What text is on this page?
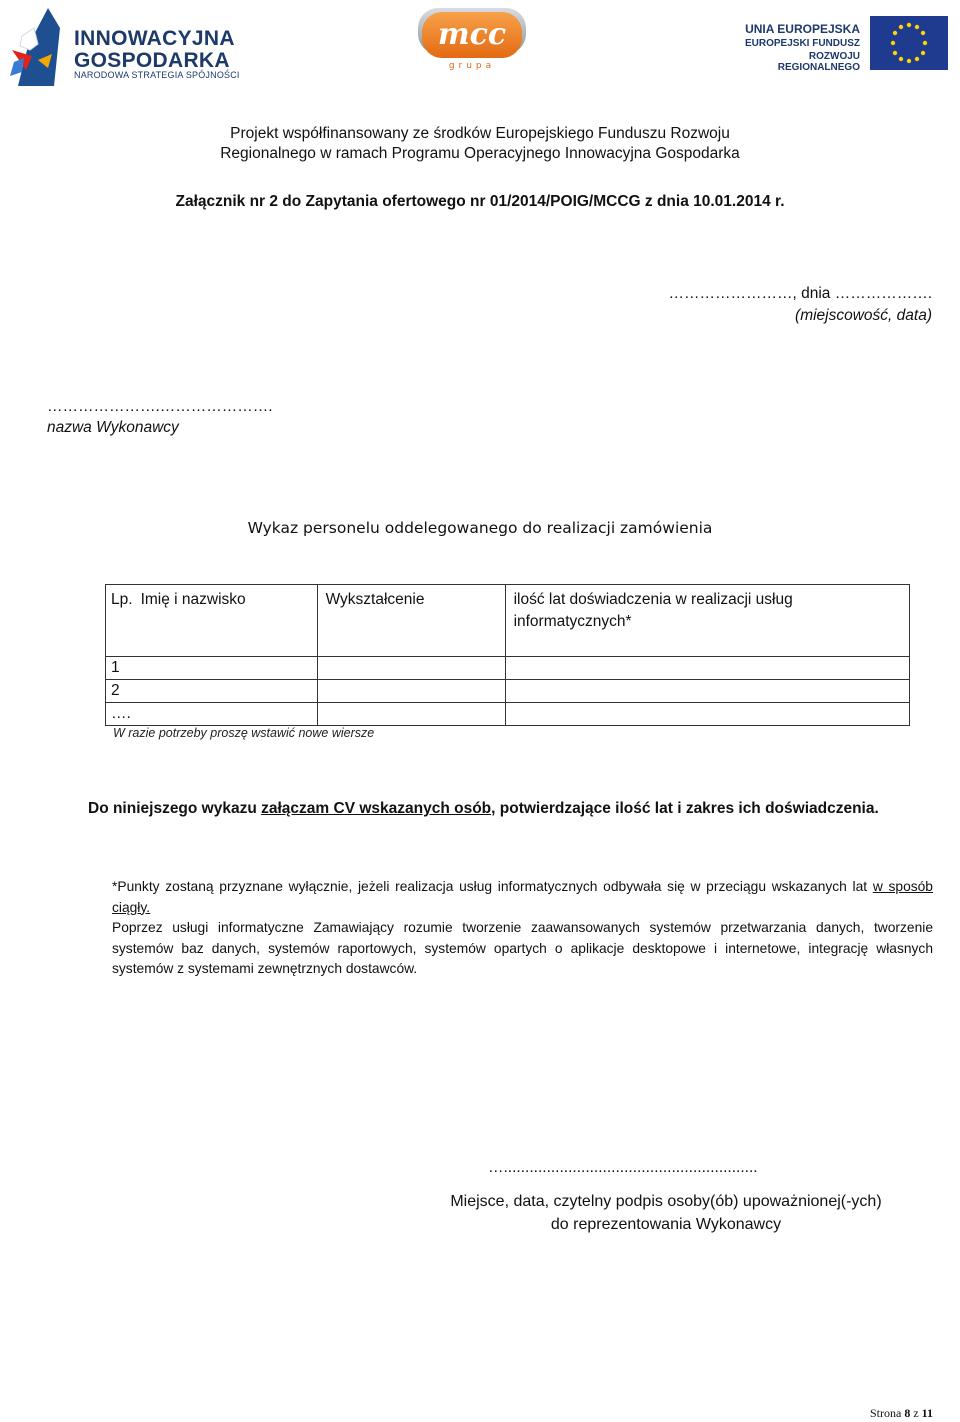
INNOWACYJNA
GOSPODARKA
NARODOWA STRATEGIA SPÓJNOŚCI
mcc
grupa
UNIA EUROPEJSKA
EUROPEJSKI FUNDUSZ
ROZWOJU REGIONALNEGO
Projekt współfinansowany ze środków Europejskiego Funduszu Rozwoju
Regionalnego w ramach Programu Operacyjnego Innowacyjna Gospodarka
Załącznik nr 2 do Zapytania ofertowego nr 01/2014/POIG/MCCG z dnia 10.01.2014 r.
……………………, dnia ……………….
(miejscowość, data)
………………….………………….
nazwa Wykonawcy
Wykaz personelu oddelegowanego do realizacji zamówienia
Lp.	Imię i nazwisko	Wykształcenie	ilość lat doświadczenia w realizacji usług informatycznych*
1			
2			
….			
W razie potrzeby proszę wstawić nowe wiersze
Do niniejszego wykazu załączam CV wskazanych osób, potwierdzające ilość lat i zakres ich doświadczenia.

*Punkty zostaną przyznane wyłącznie, jeżeli realizacja usług informatycznych odbywała się w przeciągu wskazanych lat w sposób ciągły.

Poprzez usługi informatyczne Zamawiający rozumie tworzenie zaawansowanych systemów przetwarzania danych, tworzenie systemów baz danych, systemów raportowych, systemów opartych o aplikacje desktopowe i internetowe, integrację własnych systemów z systemami zewnętrznych dostawców.

…...........................................................
Miejsce, data, czytelny podpis osoby(ób) upoważnionej(-ych)
do reprezentowania Wykonawcy
Strona 8 z 11
